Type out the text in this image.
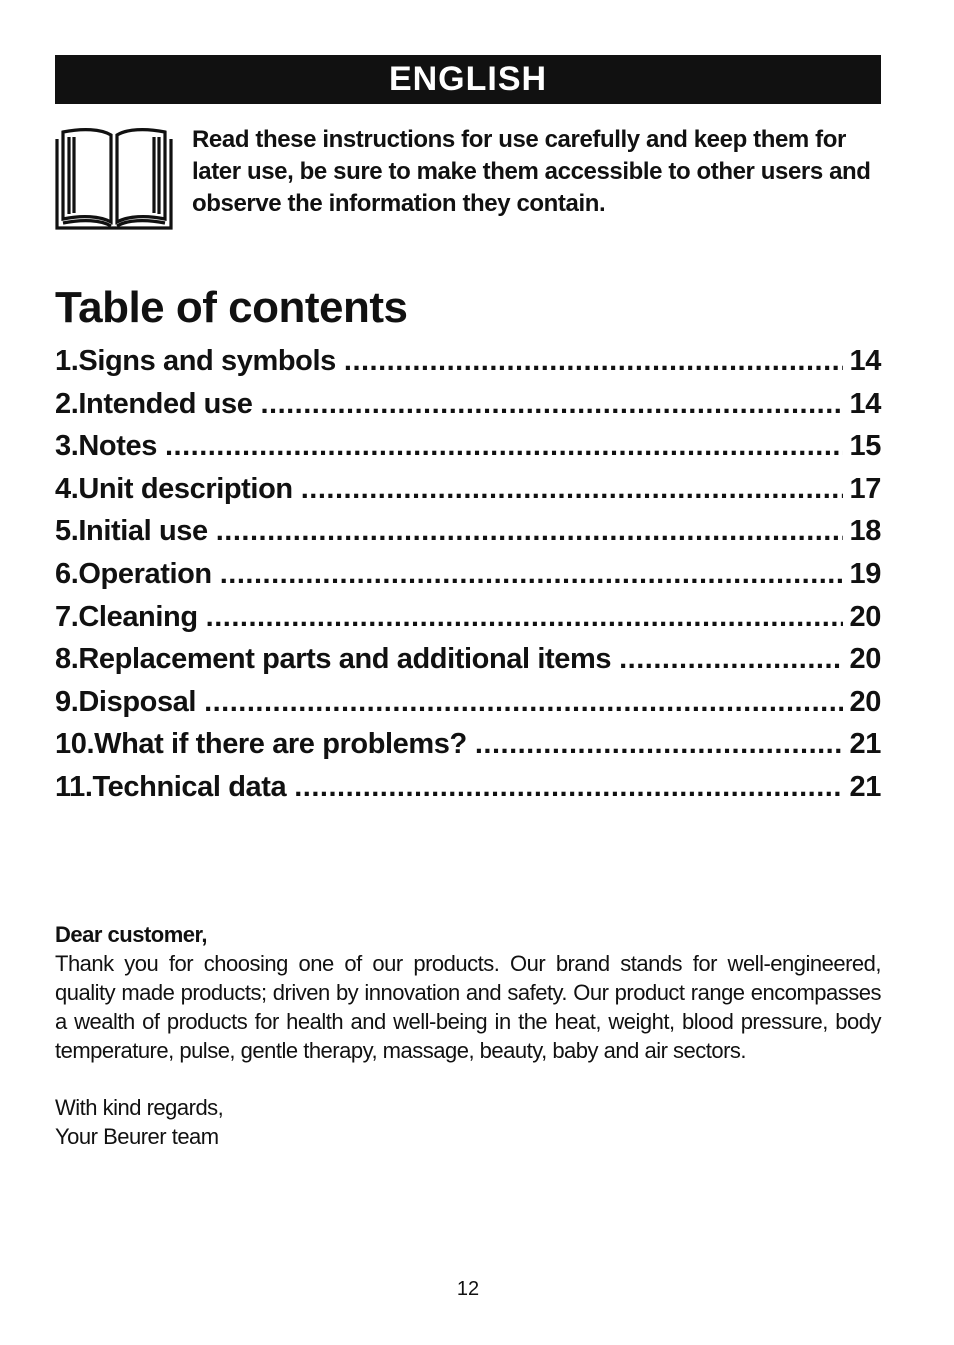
ENGLISH
Read these instructions for use carefully and keep them for later use, be sure to make them accessible to other users and observe the information they contain.
Table of contents
1. Signs and symbols .....	14
2. Intended use .....	14
3. Notes .....	15
4. Unit description .....	17
5. Initial use .....	18
6. Operation .....	19
7. Cleaning .....	20
8. Replacement parts and additional items .....	20
9. Disposal .....	20
10. What if there are problems? .....	21
11. Technical data .....	21

Dear customer,

Thank you for choosing one of our products. Our brand stands for well-engineered, quality made products; driven by innovation and safety. Our product range encompasses a wealth of products for health and well-being in the heat, weight, blood pressure, body temperature, pulse, gentle therapy, massage, beauty, baby and air sectors.

With kind regards,
Your Beurer team

12
